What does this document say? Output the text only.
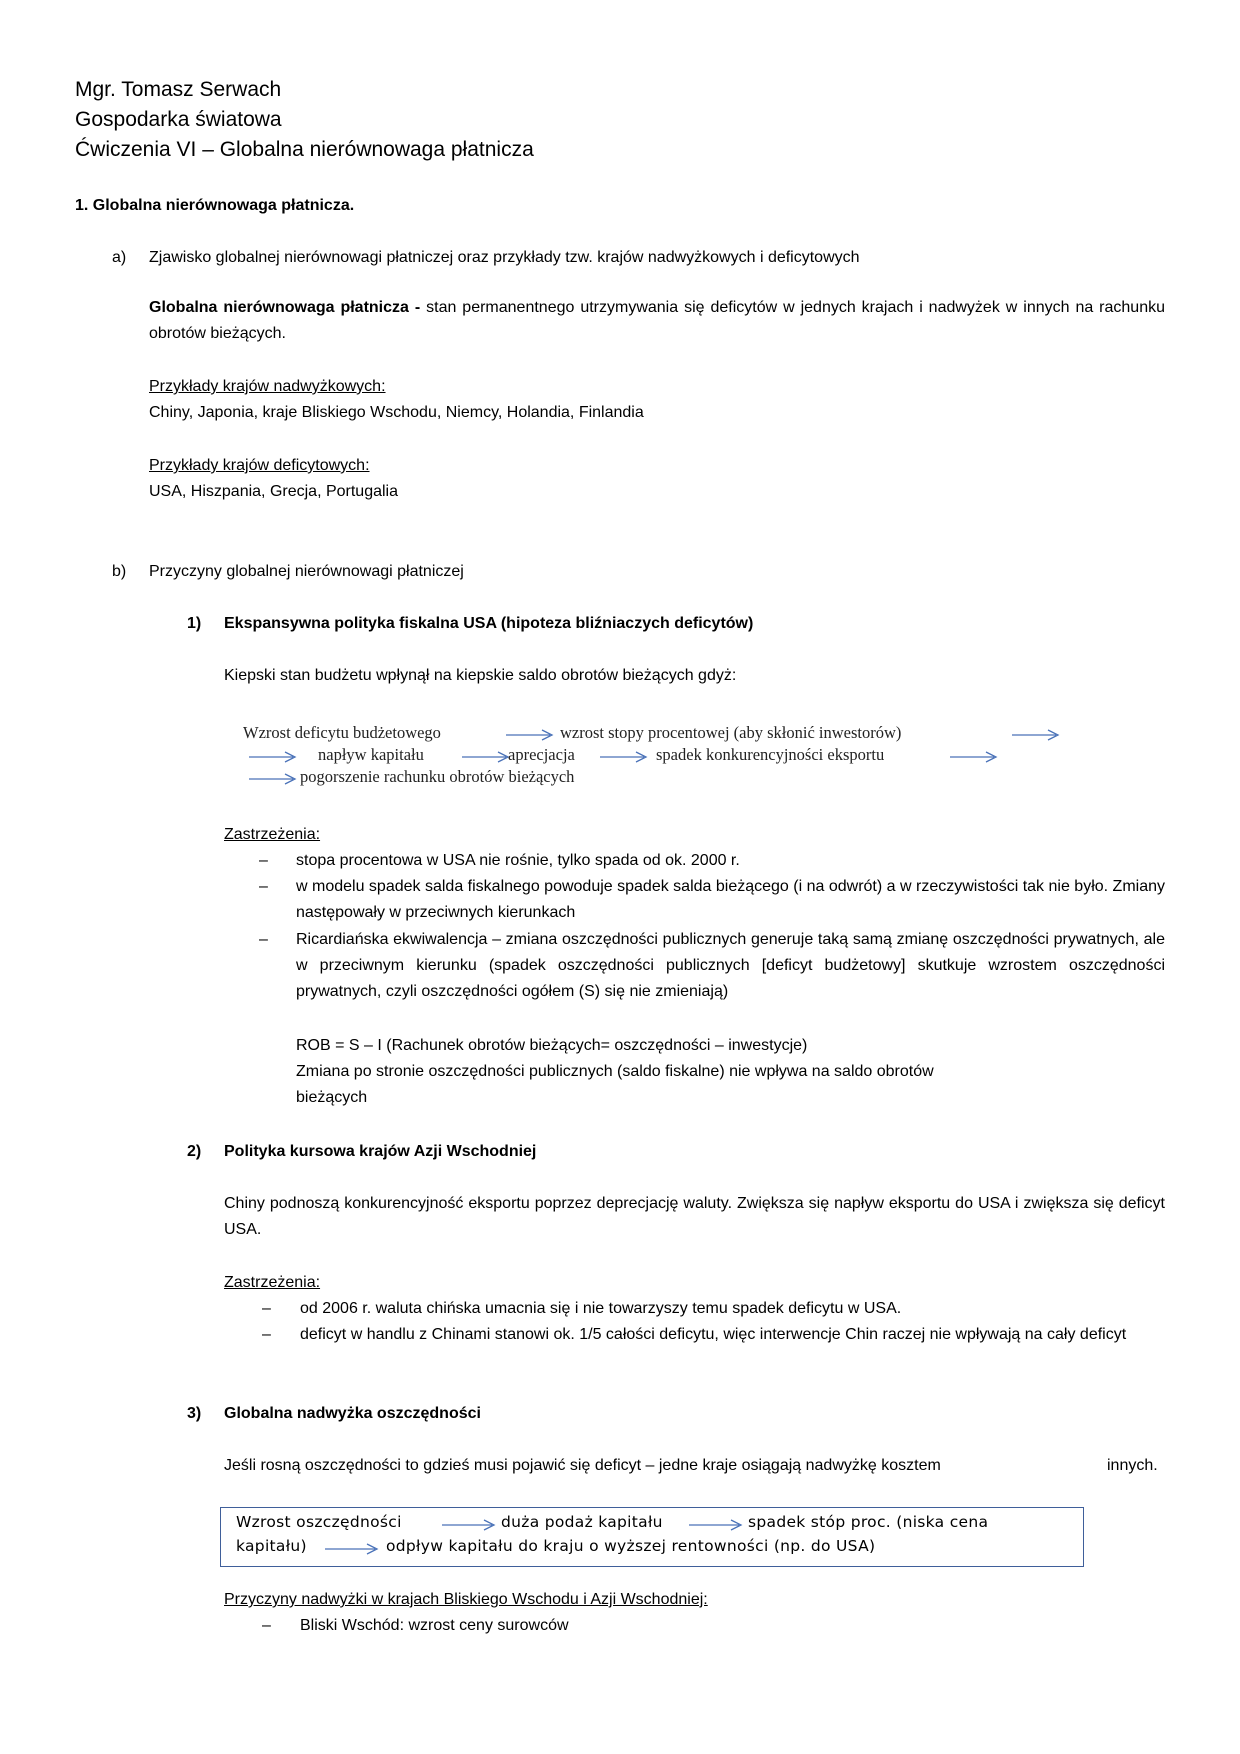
Mgr. Tomasz Serwach
Gospodarka światowa
Ćwiczenia VI – Globalna nierównowaga płatnicza
1. Globalna nierównowaga płatnicza.
a) Zjawisko globalnej nierównowagi płatniczej oraz przykłady tzw. krajów nadwyżkowych i deficytowych
Globalna nierównowaga płatnicza - stan permanentnego utrzymywania się deficytów w jednych krajach i nadwyżek w innych na rachunku obrotów bieżących.
Przykłady krajów nadwyżkowych:
Chiny, Japonia, kraje Bliskiego Wschodu, Niemcy, Holandia, Finlandia
Przykłady krajów deficytowych:
USA, Hiszpania, Grecja, Portugalia
b) Przyczyny globalnej nierównowagi płatniczej
1) Ekspansywna polityka fiskalna USA (hipoteza bliźniaczych deficytów)
Kiepski stan budżetu wpłynął na kiepskie saldo obrotów bieżących gdyż:
Wzrost deficytu budżetowego	wzrost stopy procentowej (aby skłonić inwestorów)
napływ kapitału	aprecjacja	spadek konkurencyjności eksportu
pogorszenie rachunku obrotów bieżących
Zastrzeżenia:
– stopa procentowa w USA nie rośnie, tylko spada od ok. 2000 r.
– w modelu spadek salda fiskalnego powoduje spadek salda bieżącego (i na odwrót) a w rzeczywistości tak nie było. Zmiany następowały w przeciwnych kierunkach
– Ricardiańska ekwiwalencja – zmiana oszczędności publicznych generuje taką samą zmianę oszczędności prywatnych, ale w przeciwnym kierunku (spadek oszczędności publicznych [deficyt budżetowy] skutkuje wzrostem oszczędności prywatnych, czyli oszczędności ogółem (S) się nie zmieniają)
ROB = S – I (Rachunek obrotów bieżących= oszczędności – inwestycje)
Zmiana po stronie oszczędności publicznych (saldo fiskalne) nie wpływa na saldo obrotów bieżących
2) Polityka kursowa krajów Azji Wschodniej
Chiny podnoszą konkurencyjność eksportu poprzez deprecjację waluty. Zwiększa się napływ eksportu do USA i zwiększa się deficyt USA.
Zastrzeżenia:
– od 2006 r. waluta chińska umacnia się i nie towarzyszy temu spadek deficytu w USA.
– deficyt w handlu z Chinami stanowi ok. 1/5 całości deficytu, więc interwencje Chin raczej nie wpływają na cały deficyt
3) Globalna nadwyżka oszczędności
Jeśli rosną oszczędności to gdzieś musi pojawić się deficyt – jedne kraje osiągają nadwyżkę kosztem	innych.
Wzrost oszczędności	duża podaż kapitału	spadek stóp proc. (niska cena
kapitału)	odpływ kapitału do kraju o wyższej rentowności (np. do USA)
Przyczyny nadwyżki w krajach Bliskiego Wschodu i Azji Wschodniej:
– Bliski Wschód: wzrost ceny surowców
